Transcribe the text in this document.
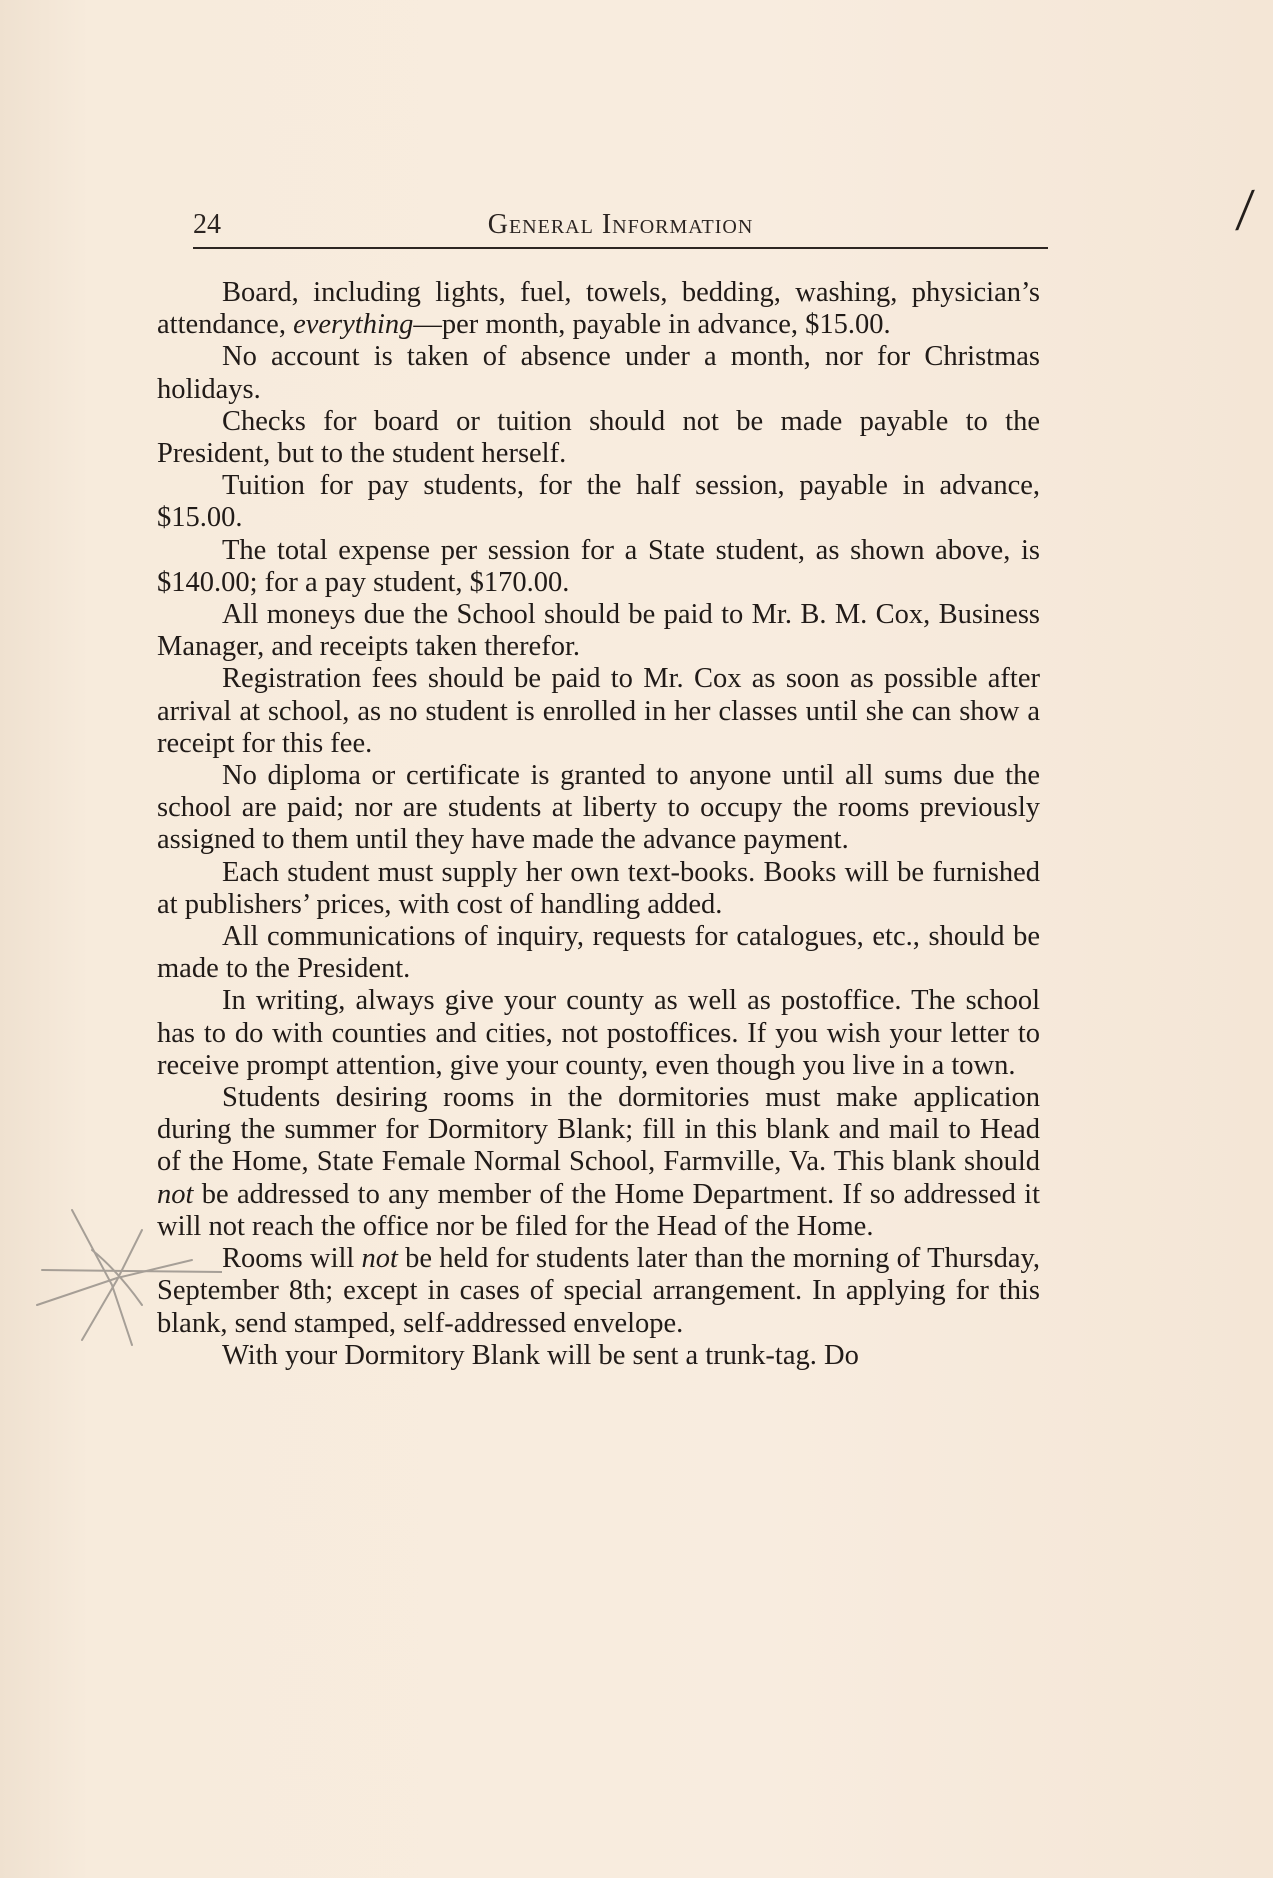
24	General Information	/

Board, including lights, fuel, towels, bedding, washing, physician’s attendance, everything—per month, payable in advance, $15.00.

No account is taken of absence under a month, nor for Christmas holidays.

Checks for board or tuition should not be made payable to the President, but to the student herself.

Tuition for pay students, for the half session, payable in advance, $15.00.

The total expense per session for a State student, as shown above, is $140.00; for a pay student, $170.00.

All moneys due the School should be paid to Mr. B. M. Cox, Business Manager, and receipts taken therefor.

Registration fees should be paid to Mr. Cox as soon as possible after arrival at school, as no student is enrolled in her classes until she can show a receipt for this fee.

No diploma or certificate is granted to anyone until all sums due the school are paid; nor are students at liberty to occupy the rooms previously assigned to them until they have made the advance payment.

Each student must supply her own text-books. Books will be furnished at publishers’ prices, with cost of handling added.

All communications of inquiry, requests for catalogues, etc., should be made to the President.

In writing, always give your county as well as postoffice. The school has to do with counties and cities, not postoffices. If you wish your letter to receive prompt attention, give your county, even though you live in a town.

Students desiring rooms in the dormitories must make application during the summer for Dormitory Blank; fill in this blank and mail to Head of the Home, State Female Normal School, Farmville, Va. This blank should not be addressed to any member of the Home Department. If so addressed it will not reach the office nor be filed for the Head of the Home.

Rooms will not be held for students later than the morning of Thursday, September 8th; except in cases of special arrangement. In applying for this blank, send stamped, self-addressed envelope.

With your Dormitory Blank will be sent a trunk-tag. Do
